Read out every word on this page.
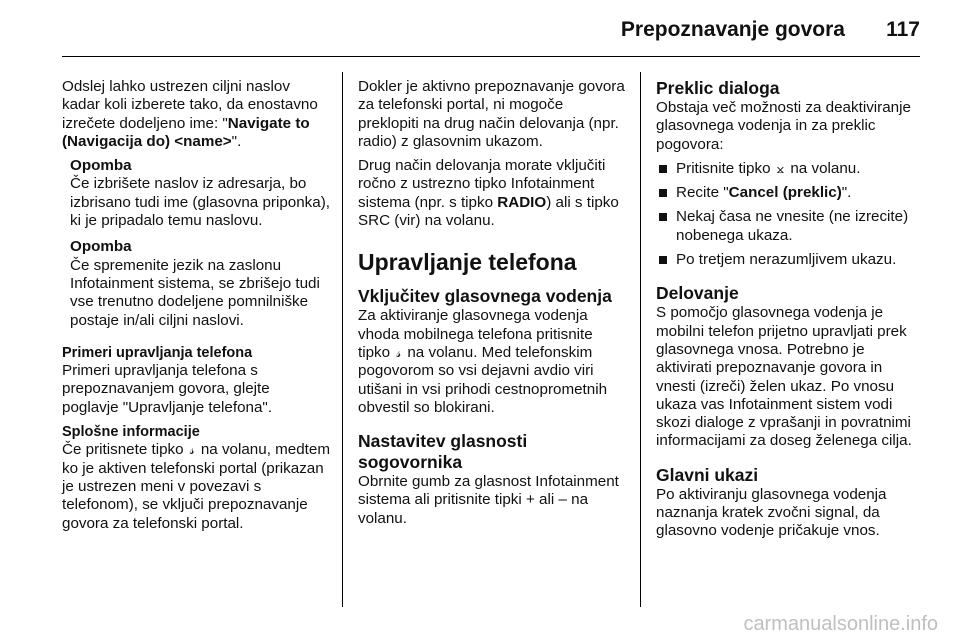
Prepoznavanje govora 117

Odslej lahko ustrezen ciljni naslov kadar koli izberete tako, da enostavno izrečete dodeljeno ime: "Navigate to (Navigacija do) <name>".

Opomba
Če izbrišete naslov iz adresarja, bo izbrisano tudi ime (glasovna priponka), ki je pripadalo temu naslovu.
Opomba
Če spremenite jezik na zaslonu Infotainment sistema, se zbrišejo tudi vse trenutno dodeljene pomnilniške postaje in/ali ciljni naslovi.

Primeri upravljanja telefona
Primeri upravljanja telefona s prepoznavanjem govora, glejte poglavje "Upravljanje telefona".

Splošne informacije
Če pritisnete tipko 𝓈 na volanu, medtem ko je aktiven telefonski portal (prikazan je ustrezen meni v povezavi s telefonom), se vključi prepoznavanje govora za telefonski portal.

Dokler je aktivno prepoznavanje govora za telefonski portal, ni mogoče preklopiti na drug način delovanja (npr. radio) z glasovnim ukazom.

Drug način delovanja morate vključiti ročno z ustrezno tipko Infotainment sistema (npr. s tipko RADIO) ali s tipko SRC (vir) na volanu.

Upravljanje telefona
Vključitev glasovnega vodenja

Za aktiviranje glasovnega vodenja vhoda mobilnega telefona pritisnite tipko 𝓈 na volanu. Med telefonskim pogovorom so vsi dejavni avdio viri utišani in vsi prihodi cestnoprometnih obvestil so blokirani.

Nastavitev glasnosti sogovornika

Obrnite gumb za glasnost Infotainment sistema ali pritisnite tipki + ali – na volanu.

Preklic dialoga

Obstaja več možnosti za deaktiviranje glasovnega vodenja in za preklic pogovora:

Pritisnite tipko ⨲ na volanu.
Recite "Cancel (preklic)".
Nekaj časa ne vnesite (ne izrecite) nobenega ukaza.
Po tretjem nerazumljivem ukazu.
Delovanje

S pomočjo glasovnega vodenja je mobilni telefon prijetno upravljati prek glasovnega vnosa. Potrebno je aktivirati prepoznavanje govora in vnesti (izreči) želen ukaz. Po vnosu ukaza vas Infotainment sistem vodi skozi dialoge z vprašanji in povratnimi informacijami za doseg želenega cilja.

Glavni ukazi

Po aktiviranju glasovnega vodenja naznanja kratek zvočni signal, da glasovno vodenje pričakuje vnos.

carmanualsonline.info
